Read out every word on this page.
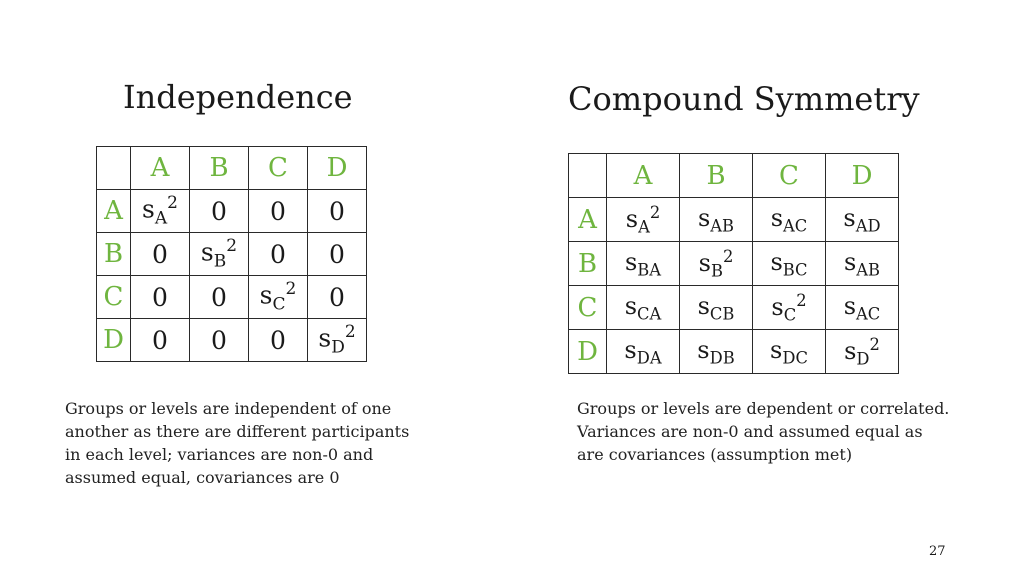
Independence	Compound Symmetry
	A	B	C	D
A	$s_A^2$	0	0	0
B	0	$s_B^2$	0	0
C	0	0	$s_C^2$	0
D	0	0	0	$s_D^2$
	A	B	C	D
A	$s_A^2$	$s_{AB}$	$s_{AC}$	$s_{AD}$
B	$s_{BA}$	$s_B^2$	$s_{BC}$	$s_{AB}$
C	$s_{CA}$	$s_{CB}$	$s_C^2$	$s_{AC}$
D	$s_{DA}$	$s_{DB}$	$s_{DC}$	$s_D^2$
Groups or levels are independent of one
another as there are different participants
in each level; variances are non-0 and
assumed equal, covariances are 0
Groups or levels are dependent or correlated.
Variances are non-0 and assumed equal as
are covariances (assumption met)
27
